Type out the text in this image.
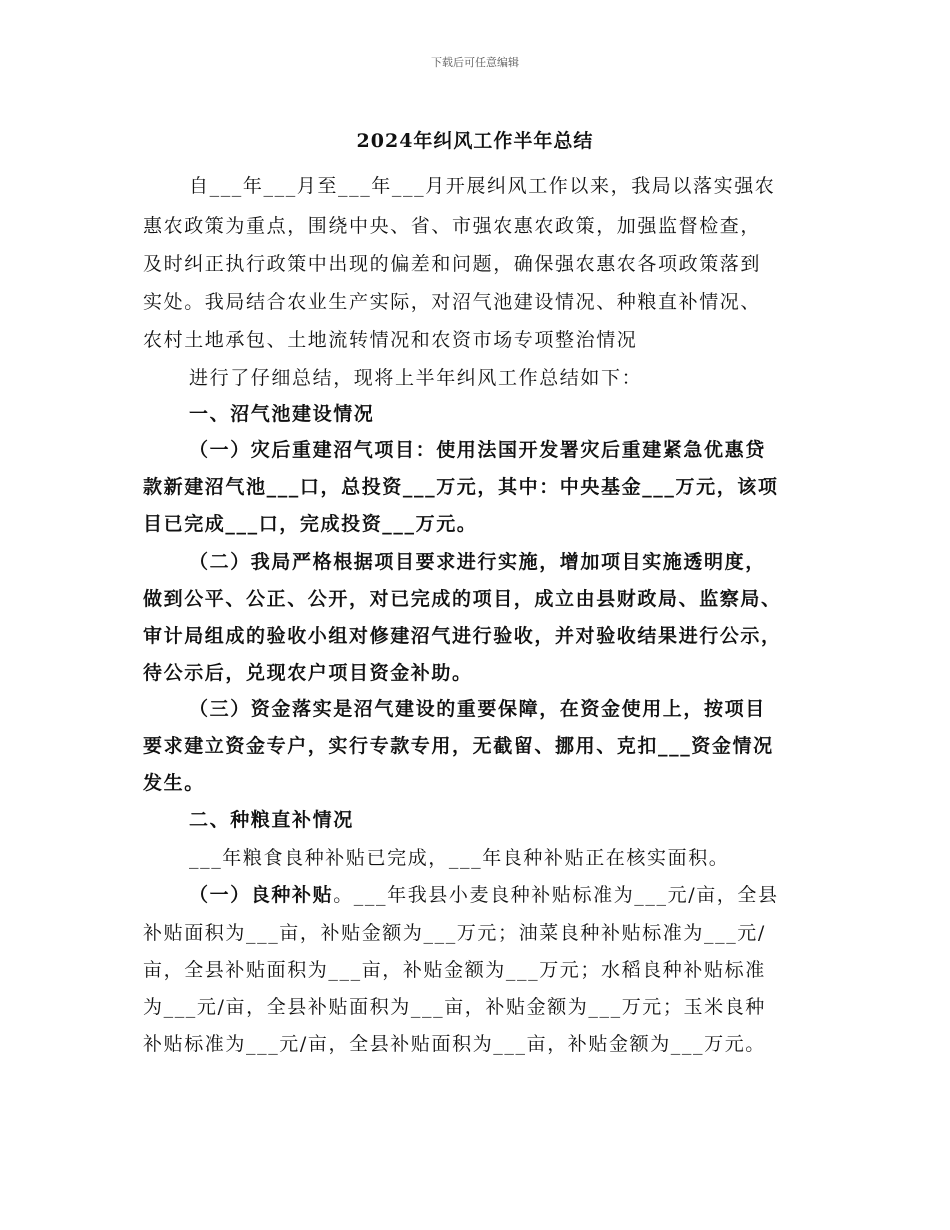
下载后可任意编辑
2024年纠风工作半年总结
自___年___月至___年___月开展纠风工作以来，我局以落实强农
惠农政策为重点，围绕中央、省、市强农惠农政策，加强监督检查，
及时纠正执行政策中出现的偏差和问题，确保强农惠农各项政策落到
实处。我局结合农业生产实际，对沼气池建设情况、种粮直补情况、
农村土地承包、土地流转情况和农资市场专项整治情况
进行了仔细总结，现将上半年纠风工作总结如下：
一、沼气池建设情况
（一）灾后重建沼气项目：使用法国开发署灾后重建紧急优惠贷
款新建沼气池___口，总投资___万元，其中：中央基金___万元，该项
目已完成___口，完成投资___万元。
（二）我局严格根据项目要求进行实施，增加项目实施透明度，
做到公平、公正、公开，对已完成的项目，成立由县财政局、监察局、
审计局组成的验收小组对修建沼气进行验收，并对验收结果进行公示，
待公示后，兑现农户项目资金补助。
（三）资金落实是沼气建设的重要保障，在资金使用上，按项目
要求建立资金专户，实行专款专用，无截留、挪用、克扣___资金情况
发生。
二、种粮直补情况
___年粮食良种补贴已完成，___年良种补贴正在核实面积。
（一）良种补贴。___年我县小麦良种补贴标准为___元/亩，全县
补贴面积为___亩，补贴金额为___万元；油菜良种补贴标准为___元/
亩，全县补贴面积为___亩，补贴金额为___万元；水稻良种补贴标准
为___元/亩，全县补贴面积为___亩，补贴金额为___万元；玉米良种
补贴标准为___元/亩，全县补贴面积为___亩，补贴金额为___万元。
